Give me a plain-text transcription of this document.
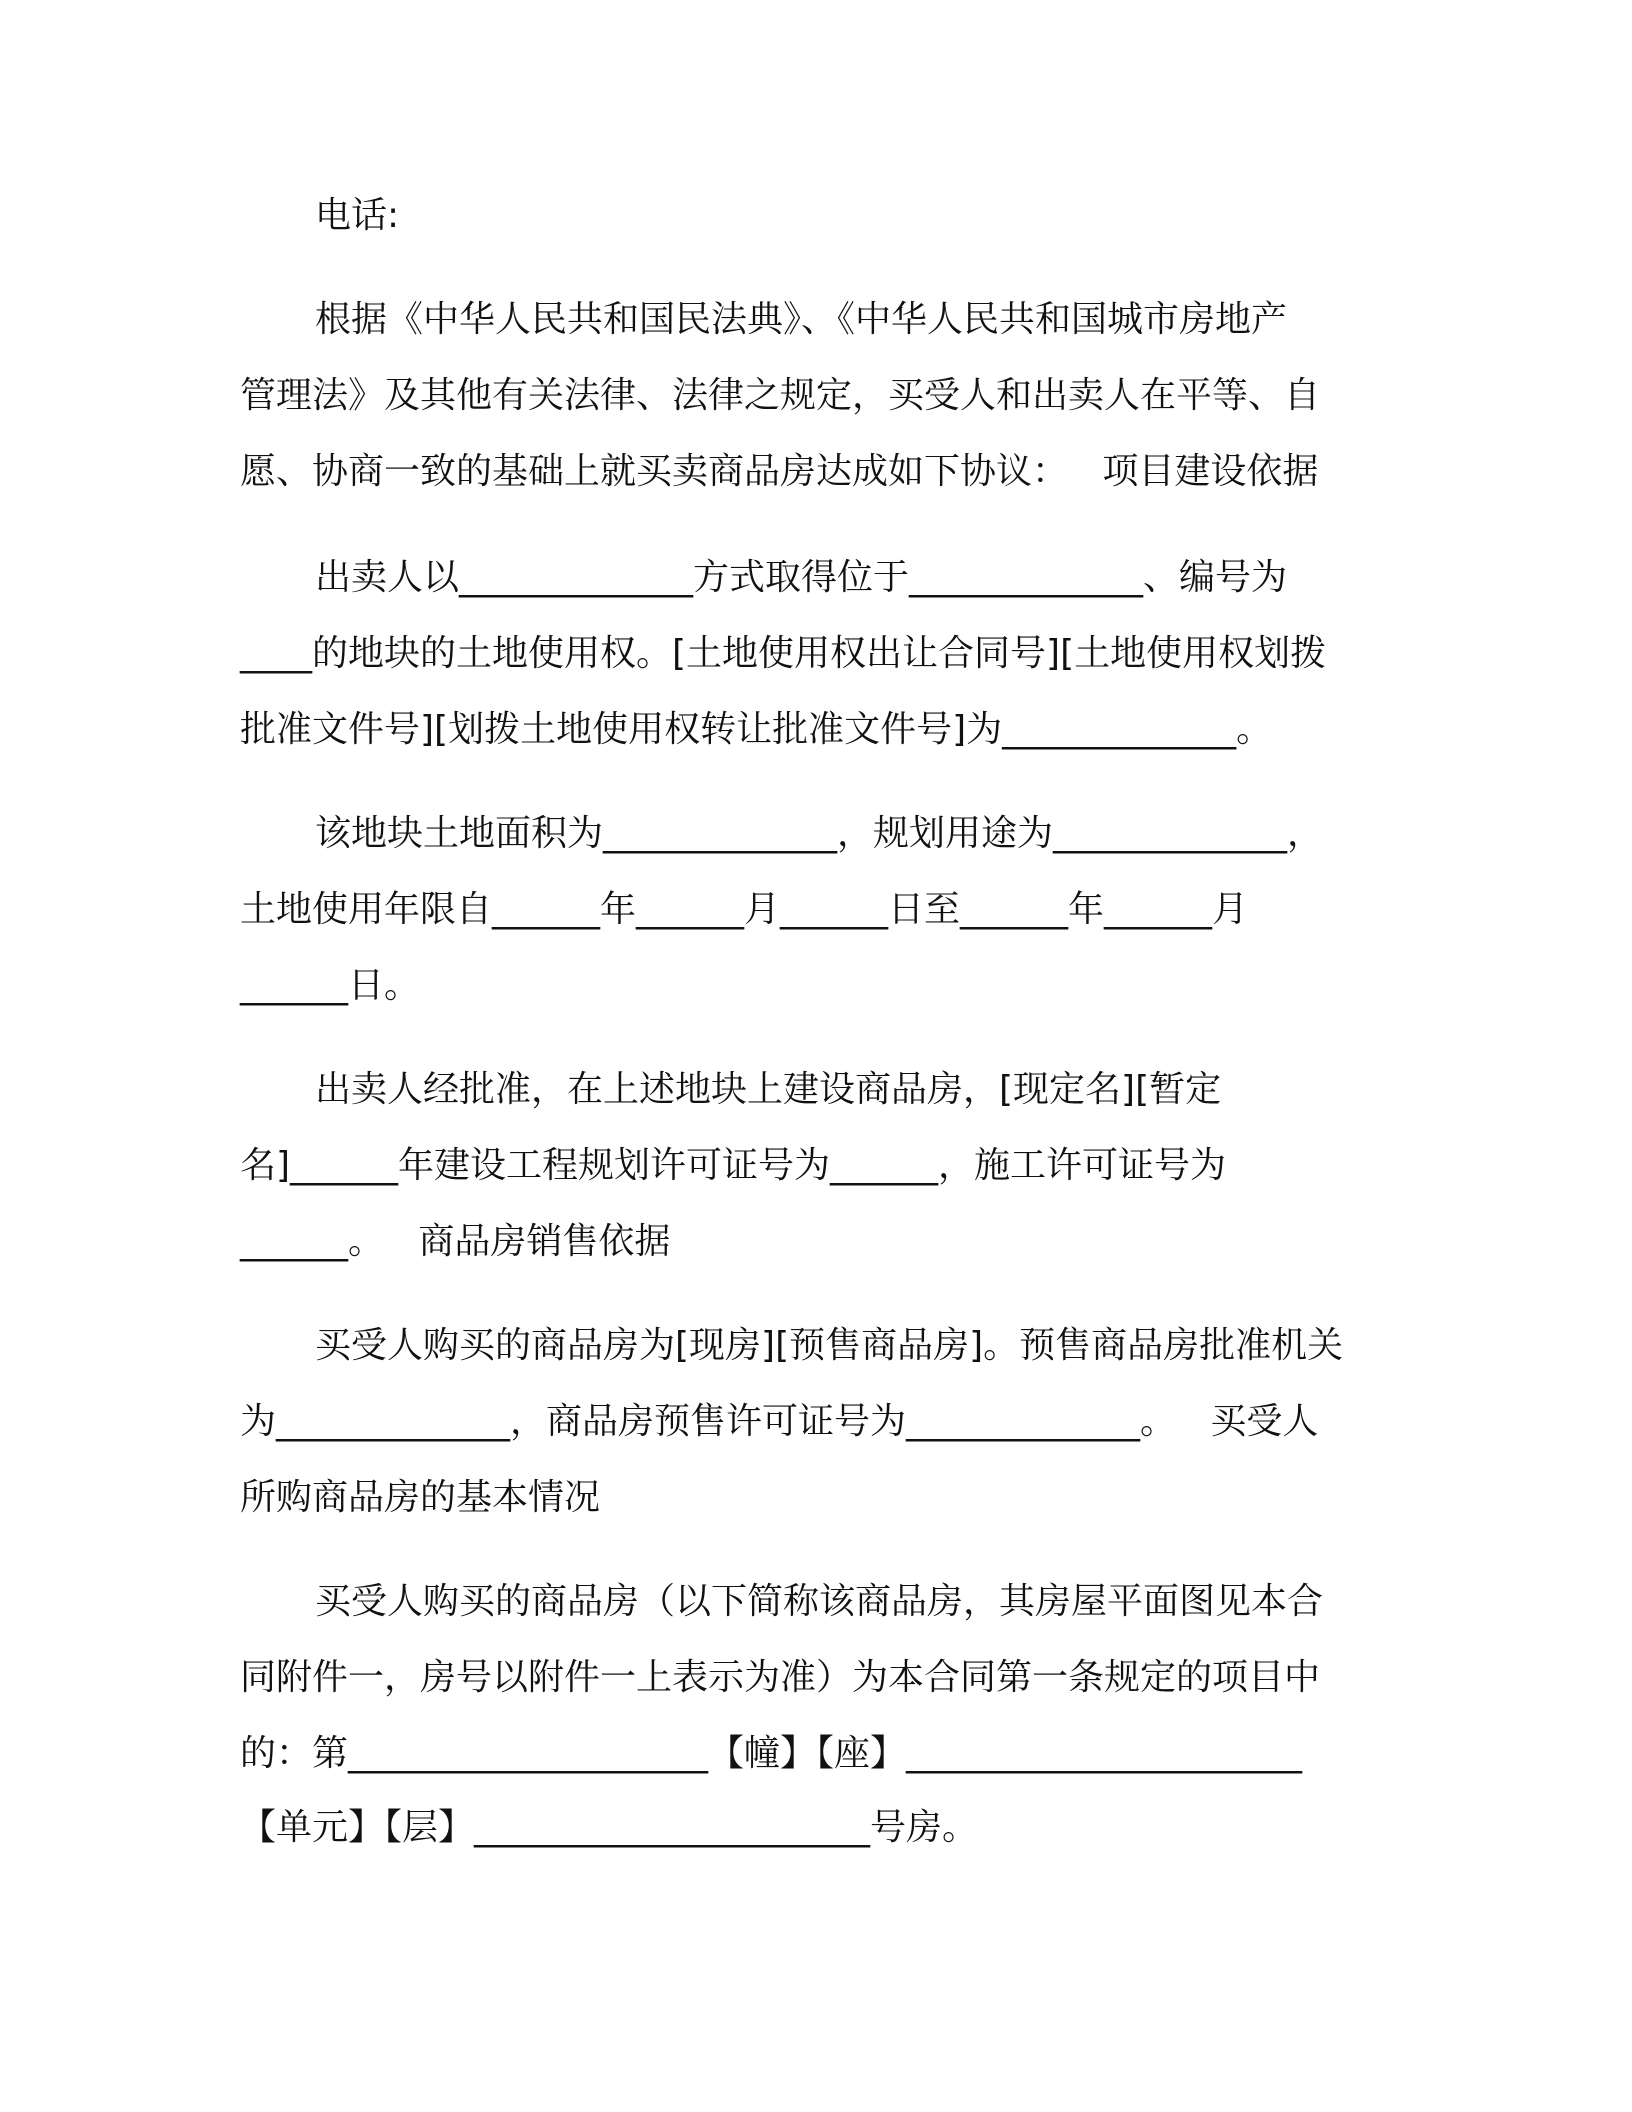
电话:
根据《中华人民共和国民法典》、《中华人民共和国城市房地产
管理法》及其他有关法律、法律之规定，买受人和出卖人在平等、自
愿、协商一致的基础上就买卖商品房达成如下协议：   项目建设依据
出卖人以_____________方式取得位于_____________、编号为
____的地块的土地使用权。[土地使用权出让合同号][土地使用权划拨
批准文件号][划拨土地使用权转让批准文件号]为_____________。
该地块土地面积为_____________，规划用途为_____________，
土地使用年限自______年______月______日至______年______月
______日。
出卖人经批准，在上述地块上建设商品房，[现定名][暂定
名]______年建设工程规划许可证号为______，施工许可证号为
______。   商品房销售依据
买受人购买的商品房为[现房][预售商品房]。预售商品房批准机关
为_____________，商品房预售许可证号为_____________。   买受人
所购商品房的基本情况
买受人购买的商品房（以下简称该商品房，其房屋平面图见本合
同附件一，房号以附件一上表示为准）为本合同第一条规定的项目中
的：第____________________【幢】【座】______________________
【单元】【层】______________________号房。
